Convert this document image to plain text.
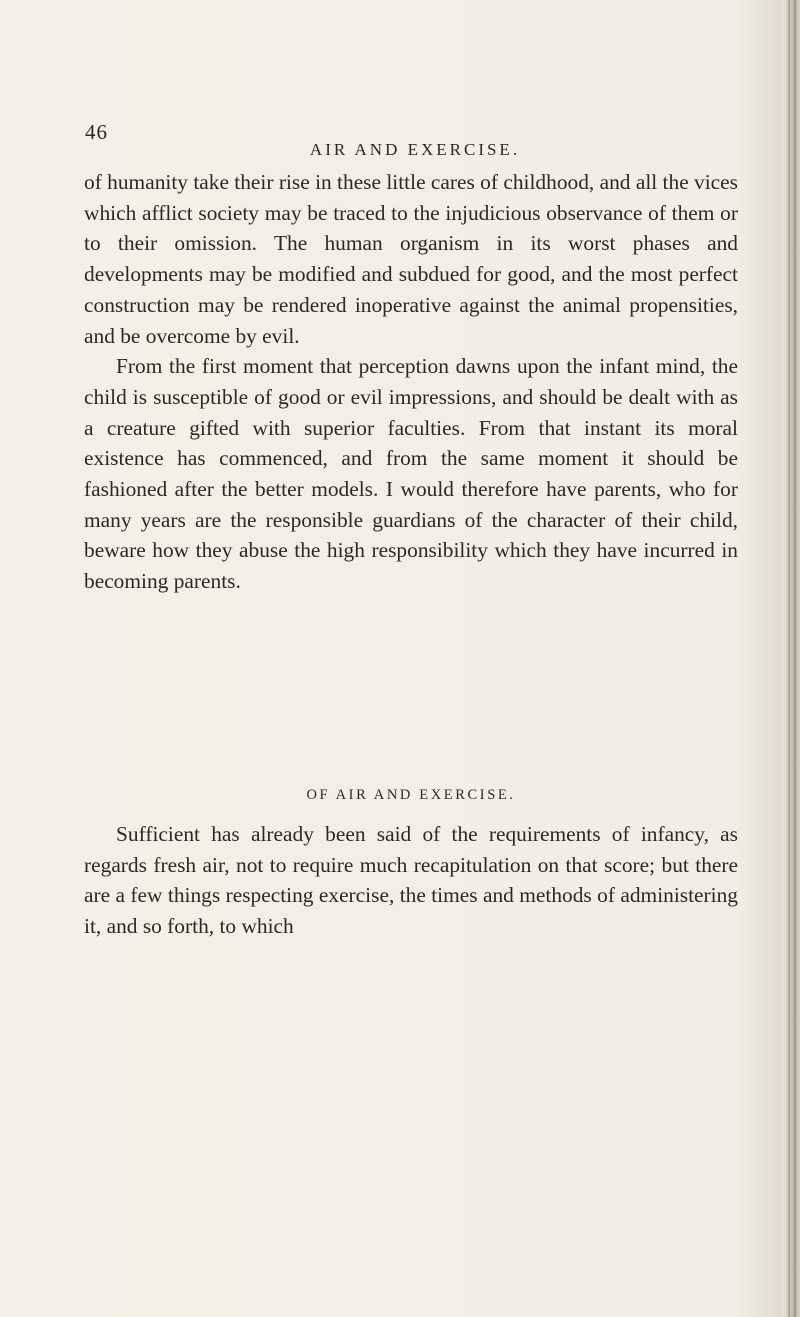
46
AIR AND EXERCISE.

of humanity take their rise in these little cares of childhood, and all the vices which afflict society may be traced to the injudicious observance of them or to their omission. The human organism in its worst phases and developments may be modified and subdued for good, and the most perfect construction may be rendered inoperative against the animal propensities, and be overcome by evil.

From the first moment that perception dawns upon the infant mind, the child is susceptible of good or evil impressions, and should be dealt with as a creature gifted with superior faculties. From that instant its moral existence has commenced, and from the same moment it should be fashioned after the better models. I would therefore have parents, who for many years are the responsible guardians of the character of their child, beware how they abuse the high responsibility which they have incurred in becoming parents.

OF AIR AND EXERCISE.

Sufficient has already been said of the requirements of infancy, as regards fresh air, not to require much recapitulation on that score; but there are a few things respecting exercise, the times and methods of administering it, and so forth, to which
